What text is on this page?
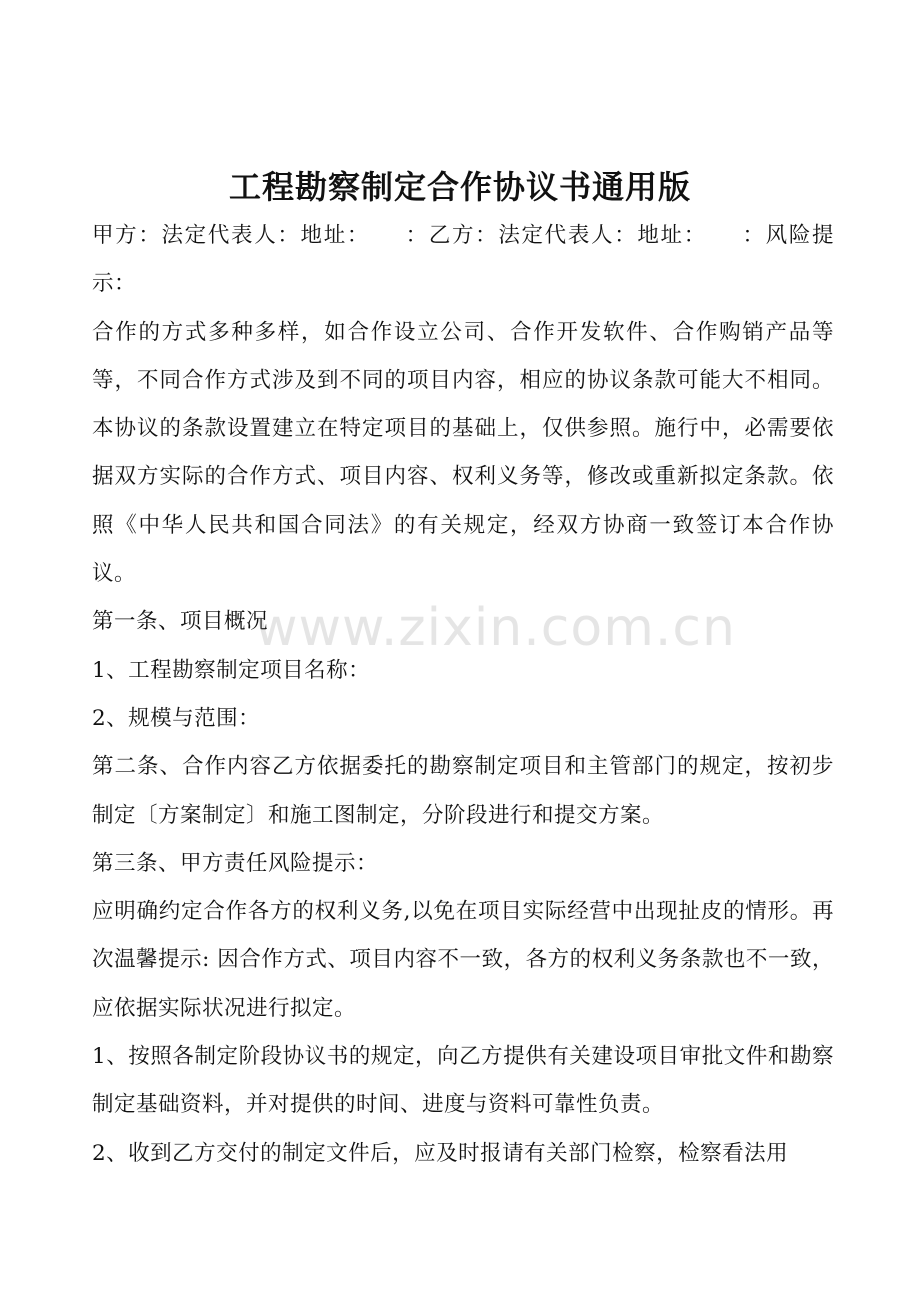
工程勘察制定合作协议书通用版

甲方：法定代表人：地址：　　：乙方：法定代表人：地址：　　：风险提示：

合作的方式多种多样，如合作设立公司、合作开发软件、合作购销产品等等，不同合作方式涉及到不同的项目内容，相应的协议条款可能大不相同。本协议的条款设置建立在特定项目的基础上，仅供参照。施行中，必需要依据双方实际的合作方式、项目内容、权利义务等，修改或重新拟定条款。依照《中华人民共和国合同法》的有关规定，经双方协商一致签订本合作协议。

第一条、项目概况

1、工程勘察制定项目名称：

2、规模与范围：

第二条、合作内容乙方依据委托的勘察制定项目和主管部门的规定，按初步制定〔方案制定〕和施工图制定，分阶段进行和提交方案。

第三条、甲方责任风险提示：

应明确约定合作各方的权利义务,以免在项目实际经营中出现扯皮的情形。再次温馨提示: 因合作方式、项目内容不一致，各方的权利义务条款也不一致，应依据实际状况进行拟定。

1、按照各制定阶段协议书的规定，向乙方提供有关建设项目审批文件和勘察制定基础资料，并对提供的时间、进度与资料可靠性负责。

2、收到乙方交付的制定文件后，应及时报请有关部门检察，检察看法用

www.zixin.com.cn
